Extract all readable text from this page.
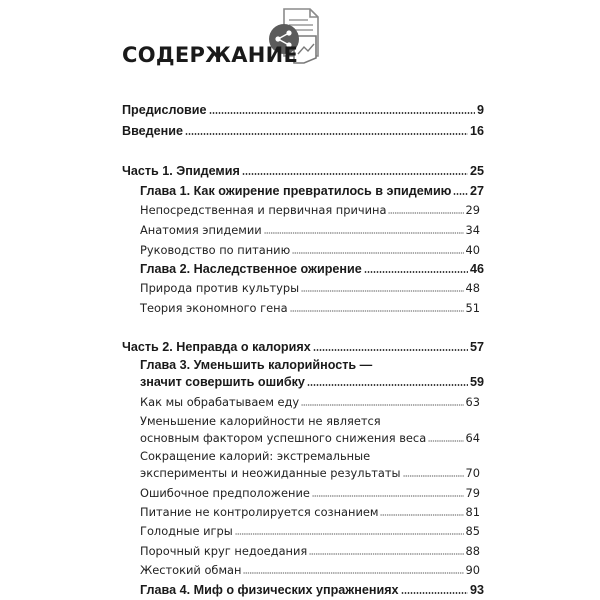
СОДЕРЖАНИЕ
Предисловие	9
Введение	16
Часть 1. Эпидемия	25
Глава 1. Как ожирение превратилось в эпидемию 27
Непосредственная и первичная причина	29
Анатомия эпидемии	34
Руководство по питанию	40
Глава 2. Наследственное ожирение	46
Природа против культуры	48
Теория экономного гена	51
Часть 2. Неправда о калориях	57
Глава 3. Уменьшить калорийность —
значит совершить ошибку	59
Как мы обрабатываем еду	63
Уменьшение калорийности не является
основным фактором успешного снижения веса	64
Сокращение калорий: экстремальные
эксперименты и неожиданные результаты	70
Ошибочное предположение	79
Питание не контролируется сознанием	81
Голодные игры	85
Порочный круг недоедания	88
Жестокий обман	90
Глава 4. Миф о физических упражнениях	93
